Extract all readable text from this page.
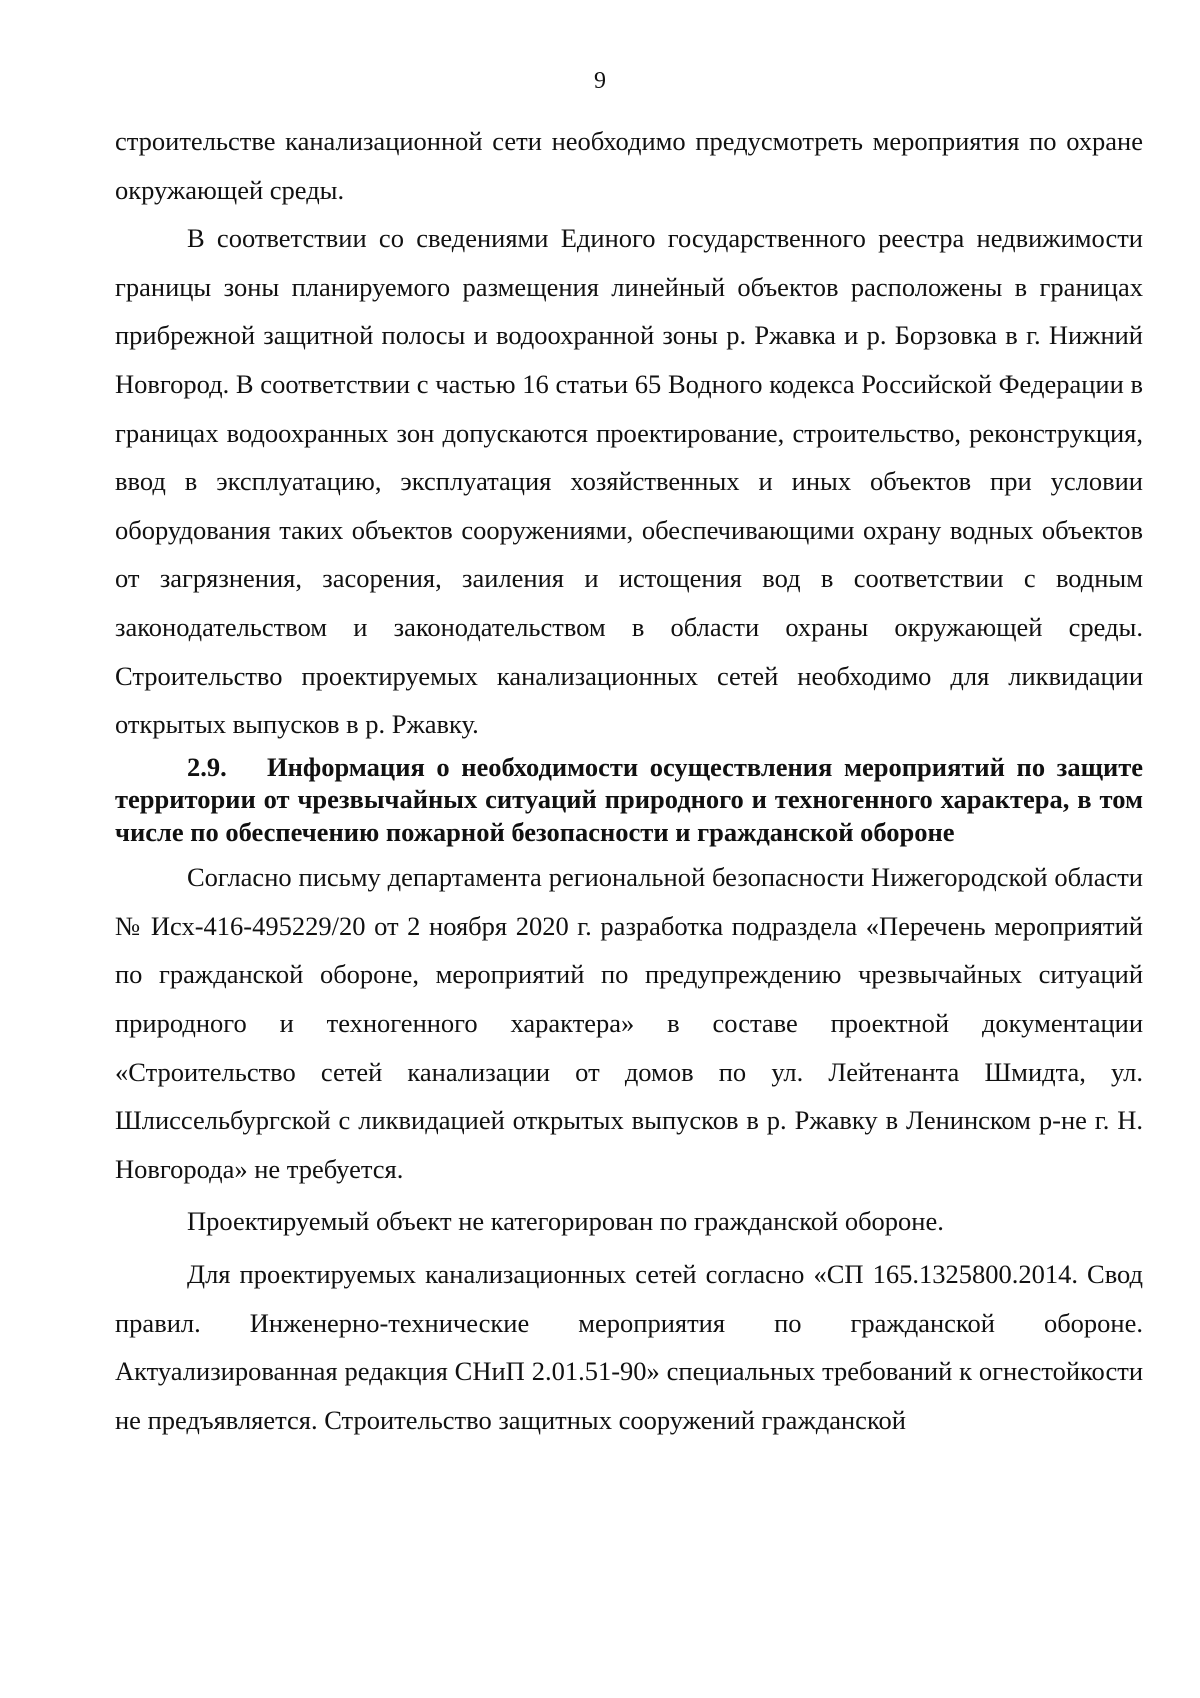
9

строительстве канализационной сети необходимо предусмотреть мероприятия по охране окружающей среды.

В соответствии со сведениями Единого государственного реестра недвижимости границы зоны планируемого размещения линейный объектов расположены в границах прибрежной защитной полосы и водоохранной зоны р. Ржавка и р. Борзовка в г. Нижний Новгород. В соответствии с частью 16 статьи 65 Водного кодекса Российской Федерации в границах водоохранных зон допускаются проектирование, строительство, реконструкция, ввод в эксплуатацию, эксплуатация хозяйственных и иных объектов при условии оборудования таких объектов сооружениями, обеспечивающими охрану водных объектов от загрязнения, засорения, заиления и истощения вод в соответствии с водным законодательством и законодательством в области охраны окружающей среды. Строительство проектируемых канализационных сетей необходимо для ликвидации открытых выпусков в р. Ржавку.

2.9. Информация о необходимости осуществления мероприятий по защите территории от чрезвычайных ситуаций природного и техногенного характера, в том числе по обеспечению пожарной безопасности и гражданской обороне

Согласно письму департамента региональной безопасности Нижегородской области № Исх-416-495229/20 от 2 ноября 2020 г. разработка подраздела «Перечень мероприятий по гражданской обороне, мероприятий по предупреждению чрезвычайных ситуаций природного и техногенного характера» в составе проектной документации «Строительство сетей канализации от домов по ул. Лейтенанта Шмидта, ул. Шлиссельбургской с ликвидацией открытых выпусков в р. Ржавку в Ленинском р-не г. Н. Новгорода» не требуется.

Проектируемый объект не категорирован по гражданской обороне.

Для проектируемых канализационных сетей согласно «СП 165.1325800.2014. Свод правил. Инженерно-технические мероприятия по гражданской обороне. Актуализированная редакция СНиП 2.01.51-90» специальных требований к огнестойкости не предъявляется. Строительство защитных сооружений гражданской
